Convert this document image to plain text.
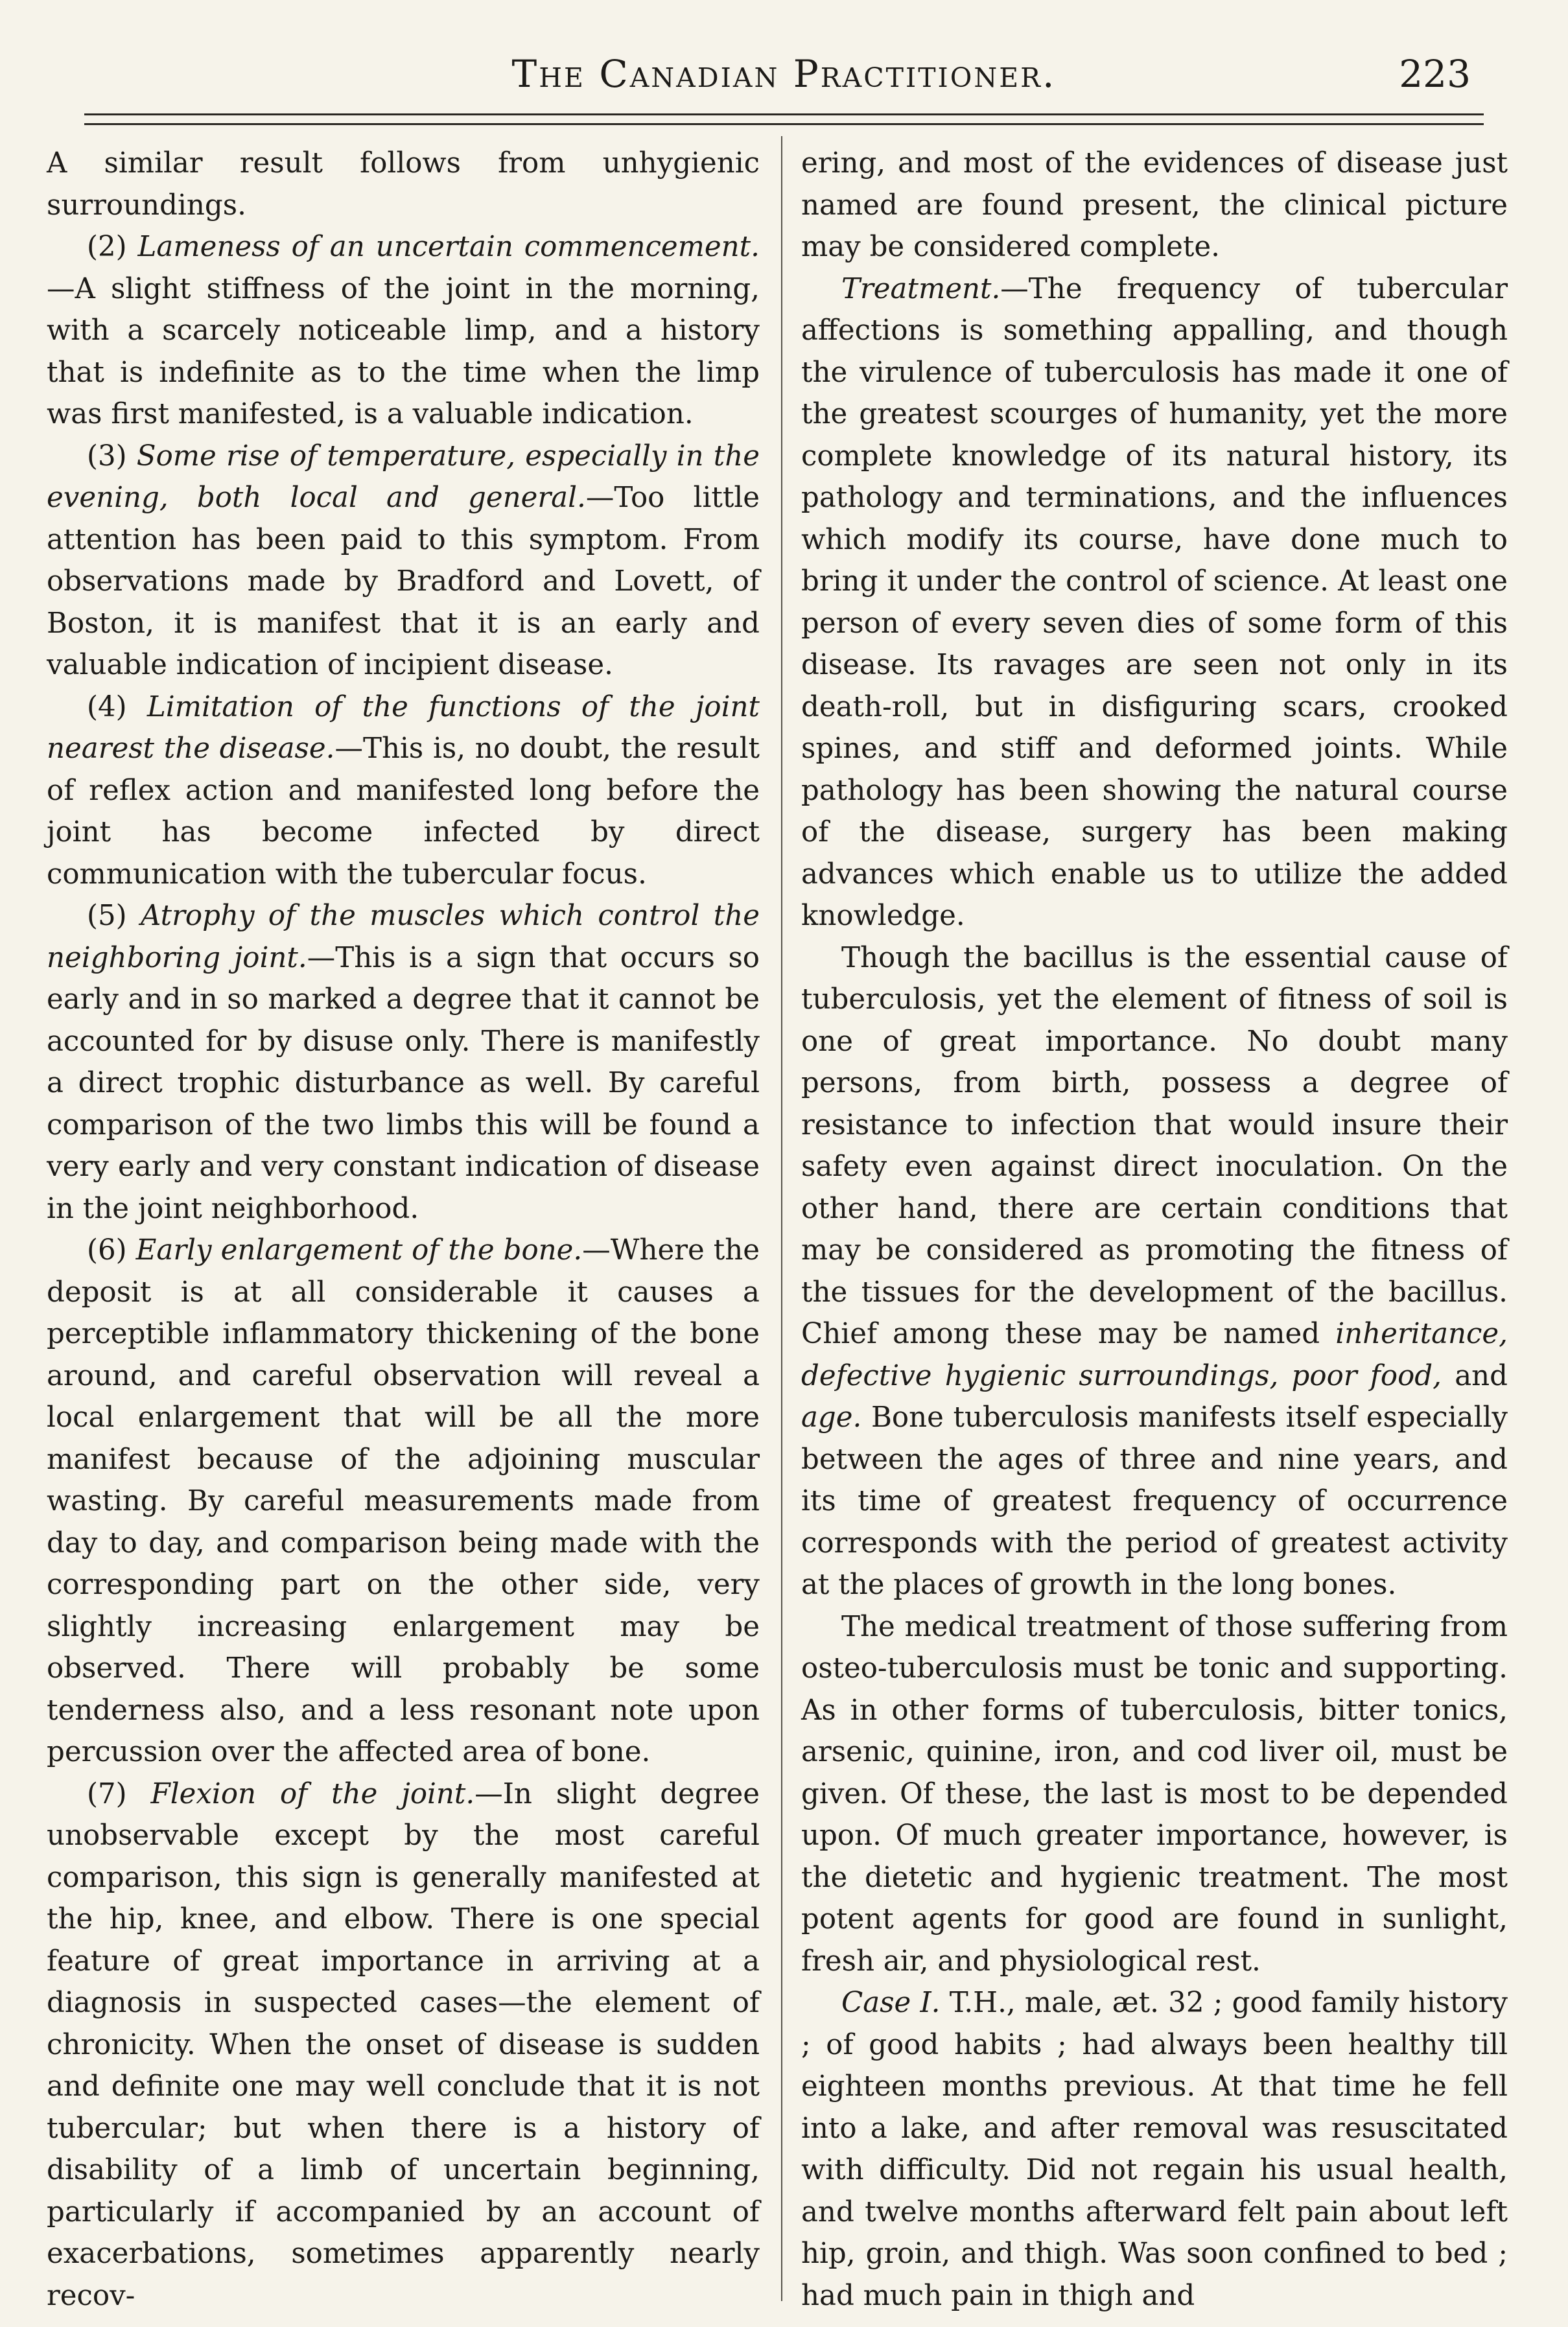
The Canadian Practitioner.	223

A similar result follows from unhygienic surroundings.

(2) Lameness of an uncertain commencement.—A slight stiffness of the joint in the morning, with a scarcely noticeable limp, and a history that is indefinite as to the time when the limp was first manifested, is a valuable indication.

(3) Some rise of temperature, especially in the evening, both local and general.—Too little attention has been paid to this symptom. From observations made by Bradford and Lovett, of Boston, it is manifest that it is an early and valuable indication of incipient disease.

(4) Limitation of the functions of the joint nearest the disease.—This is, no doubt, the result of reflex action and manifested long before the joint has become infected by direct communication with the tubercular focus.

(5) Atrophy of the muscles which control the neighboring joint.—This is a sign that occurs so early and in so marked a degree that it cannot be accounted for by disuse only. There is manifestly a direct trophic disturbance as well. By careful comparison of the two limbs this will be found a very early and very constant indication of disease in the joint neighborhood.

(6) Early enlargement of the bone.—Where the deposit is at all considerable it causes a perceptible inflammatory thickening of the bone around, and careful observation will reveal a local enlargement that will be all the more manifest because of the adjoining muscular wasting. By careful measurements made from day to day, and comparison being made with the corresponding part on the other side, very slightly increasing enlargement may be observed. There will probably be some tenderness also, and a less resonant note upon percussion over the affected area of bone.

(7) Flexion of the joint.—In slight degree unobservable except by the most careful comparison, this sign is generally manifested at the hip, knee, and elbow. There is one special feature of great importance in arriving at a diagnosis in suspected cases—the element of chronicity. When the onset of disease is sudden and definite one may well conclude that it is not tubercular; but when there is a history of disability of a limb of uncertain beginning, particularly if accompanied by an account of exacerbations, sometimes apparently nearly recov-

ering, and most of the evidences of disease just named are found present, the clinical picture may be considered complete.

Treatment.—The frequency of tubercular affections is something appalling, and though the virulence of tuberculosis has made it one of the greatest scourges of humanity, yet the more complete knowledge of its natural history, its pathology and terminations, and the influences which modify its course, have done much to bring it under the control of science. At least one person of every seven dies of some form of this disease. Its ravages are seen not only in its death-roll, but in disfiguring scars, crooked spines, and stiff and deformed joints. While pathology has been showing the natural course of the disease, surgery has been making advances which enable us to utilize the added knowledge.

Though the bacillus is the essential cause of tuberculosis, yet the element of fitness of soil is one of great importance. No doubt many persons, from birth, possess a degree of resistance to infection that would insure their safety even against direct inoculation. On the other hand, there are certain conditions that may be considered as promoting the fitness of the tissues for the development of the bacillus. Chief among these may be named inheritance, defective hygienic surroundings, poor food, and age. Bone tuberculosis manifests itself especially between the ages of three and nine years, and its time of greatest frequency of occurrence corresponds with the period of greatest activity at the places of growth in the long bones.

The medical treatment of those suffering from osteo-tuberculosis must be tonic and supporting. As in other forms of tuberculosis, bitter tonics, arsenic, quinine, iron, and cod liver oil, must be given. Of these, the last is most to be depended upon. Of much greater importance, however, is the dietetic and hygienic treatment. The most potent agents for good are found in sunlight, fresh air, and physiological rest.

Case I. T.H., male, æt. 32 ; good family history ; of good habits ; had always been healthy till eighteen months previous. At that time he fell into a lake, and after removal was resuscitated with difficulty. Did not regain his usual health, and twelve months afterward felt pain about left hip, groin, and thigh. Was soon confined to bed ; had much pain in thigh and
